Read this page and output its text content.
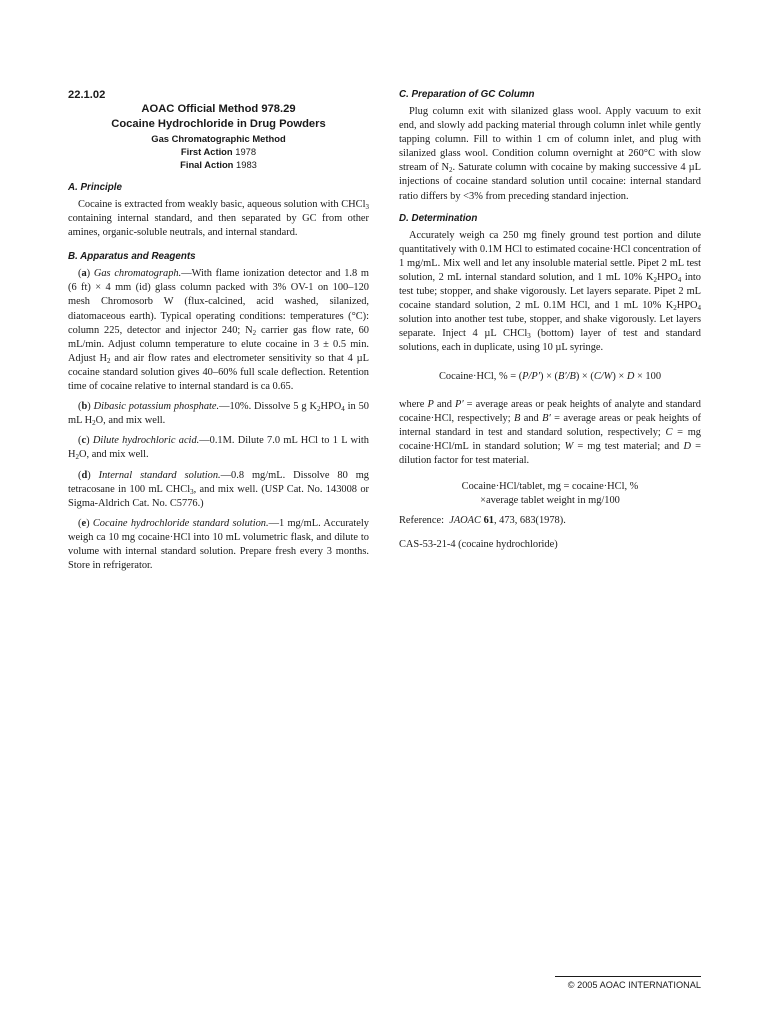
22.1.02
AOAC Official Method 978.29
Cocaine Hydrochloride in Drug Powders
Gas Chromatographic Method
First Action 1978
Final Action 1983
A. Principle

Cocaine is extracted from weakly basic, aqueous solution with CHCl$_3$ containing internal standard, and then separated by GC from other amines, organic-soluble neutrals, and internal standard.

B. Apparatus and Reagents

(a) Gas chromatograph.—With flame ionization detector and 1.8 m (6 ft) × 4 mm (id) glass column packed with 3% OV-1 on 100–120 mesh Chromosorb W (flux-calcined, acid washed, silanized, diatomaceous earth). Typical operating conditions: temperatures (°C): column 225, detector and injector 240; $N_2$ carrier gas flow rate, 60 mL/min. Adjust column temperature to elute cocaine in 3 ± 0.5 min. Adjust $H_2$ and air flow rates and electrometer sensitivity so that 4 µL cocaine standard solution gives 40–60% full scale deflection. Retention time of cocaine relative to internal standard is ca 0.65.

(b) Dibasic potassium phosphate.—10%. Dissolve 5 g $K_2HPO_4$ in 50 mL $H_2O$, and mix well.

(c) Dilute hydrochloric acid.—0.1M. Dilute 7.0 mL HCl to 1 L with $H_2O$, and mix well.

(d) Internal standard solution.—0.8 mg/mL. Dissolve 80 mg tetracosane in 100 mL CHCl$_3$, and mix well. (USP Cat. No. 143008 or Sigma-Aldrich Cat. No. C5776.)

(e) Cocaine hydrochloride standard solution.—1 mg/mL. Accurately weigh ca 10 mg cocaine·HCl into 10 mL volumetric flask, and dilute to volume with internal standard solution. Prepare fresh every 3 months. Store in refrigerator.

C. Preparation of GC Column

Plug column exit with silanized glass wool. Apply vacuum to exit end, and slowly add packing material through column inlet while gently tapping column. Fill to within 1 cm of column inlet, and plug with silanized glass wool. Condition column overnight at 260°C with slow stream of $N_2$. Saturate column with cocaine by making successive 4 µL injections of cocaine standard solution until cocaine: internal standard ratio differs by <3% from preceding standard injection.

D. Determination

Accurately weigh ca 250 mg finely ground test portion and dilute quantitatively with 0.1M HCl to estimated cocaine·HCl concentration of 1 mg/mL. Mix well and let any insoluble material settle. Pipet 2 mL test solution, 2 mL internal standard solution, and 1 mL 10% $K_2HPO_4$ into test tube; stopper, and shake vigorously. Let layers separate. Pipet 2 mL cocaine standard solution, 2 mL 0.1M HCl, and 1 mL 10% $K_2HPO_4$ solution into another test tube, stopper, and shake vigorously. Let layers separate. Inject 4 µL CHCl$_3$ (bottom) layer of test and standard solutions, each in duplicate, using 10 µL syringe.

Cocaine·HCl, % = (P/P′) × (B′/B) × (C/W) × D × 100

where P and P′ = average areas or peak heights of analyte and standard cocaine·HCl, respectively; B and B′ = average areas or peak heights of internal standard in test and standard solution, respectively; C = mg cocaine·HCl/mL in standard solution; W = mg test material; and D = dilution factor for test material.

Cocaine·HCl/tablet, mg = cocaine·HCl, %

×average tablet weight in mg/100

Reference: JAOAC 61, 473, 683(1978).

CAS-53-21-4 (cocaine hydrochloride)

© 2005 AOAC INTERNATIONAL
